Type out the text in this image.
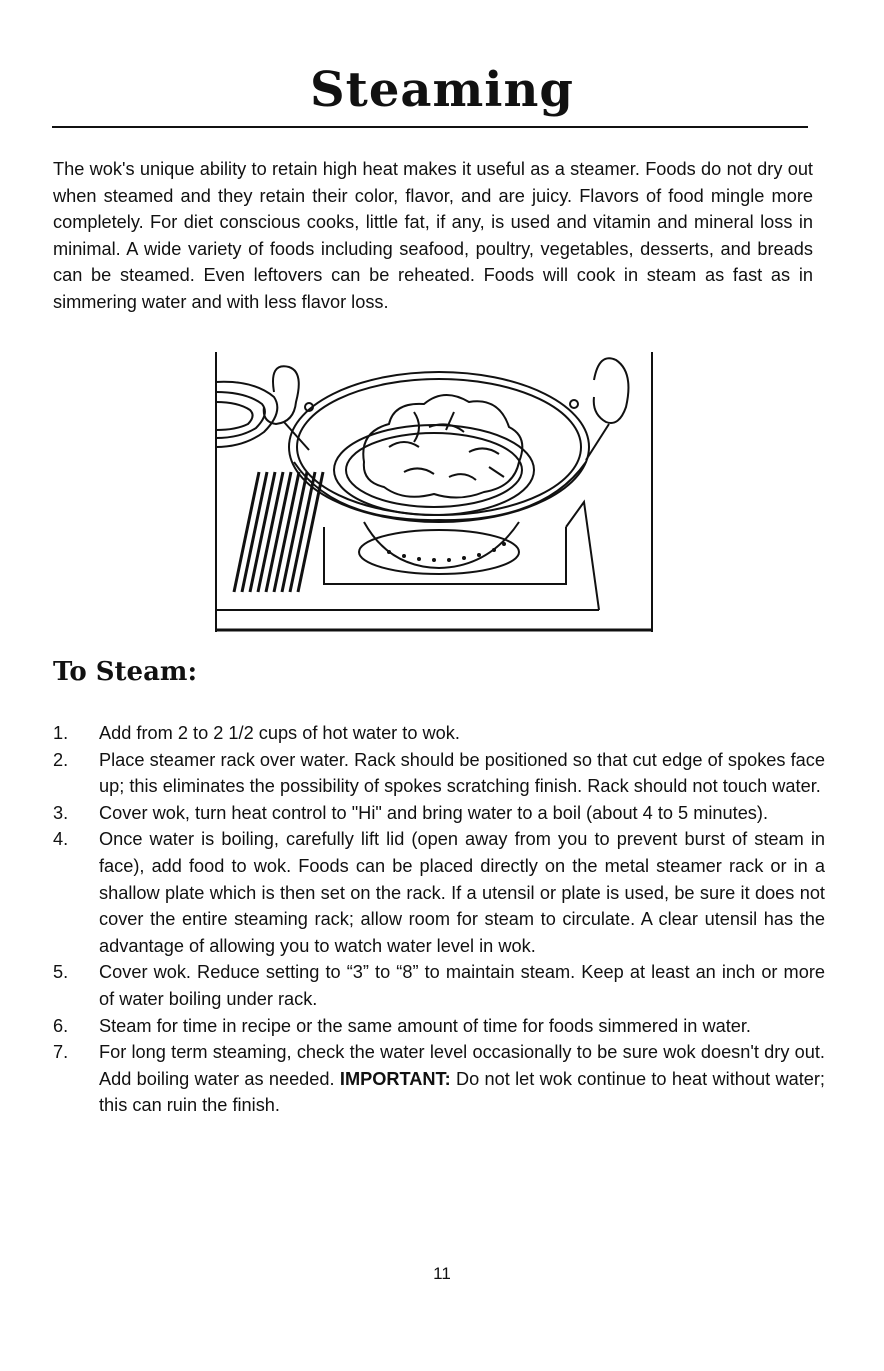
Steaming

The wok's unique ability to retain high heat makes it useful as a steamer. Foods do not dry out when steamed and they retain their color, flavor, and are juicy. Flavors of food mingle more completely. For diet conscious cooks, little fat, if any, is used and vitamin and mineral loss in minimal. A wide variety of foods including seafood, poultry, vegetables, desserts, and breads can be steamed. Even leftovers can be reheated. Foods will cook in steam as fast as in simmering water and with less flavor loss.

To Steam:
1.	Add from 2 to 2 1/2 cups of hot water to wok.
2.	Place steamer rack over water. Rack should be positioned so that cut edge of spokes face up; this eliminates the possibility of spokes scratching finish. Rack should not touch water.
3.	Cover wok, turn heat control to "Hi" and bring water to a boil (about 4 to 5 minutes).
4.	Once water is boiling, carefully lift lid (open away from you to prevent burst of steam in face), add food to wok. Foods can be placed directly on the metal steamer rack or in a shallow plate which is then set on the rack. If a utensil or plate is used, be sure it does not cover the entire steaming rack; allow room for steam to circulate. A clear utensil has the advantage of allowing you to watch water level in wok.
5.	Cover wok. Reduce setting to “3” to “8” to maintain steam. Keep at least an inch or more of water boiling under rack.
6.	Steam for time in recipe or the same amount of time for foods simmered in water.
7.	For long term steaming, check the water level occasionally to be sure wok doesn't dry out. Add boiling water as needed. IMPORTANT: Do not let wok continue to heat without water; this can ruin the finish.
11
